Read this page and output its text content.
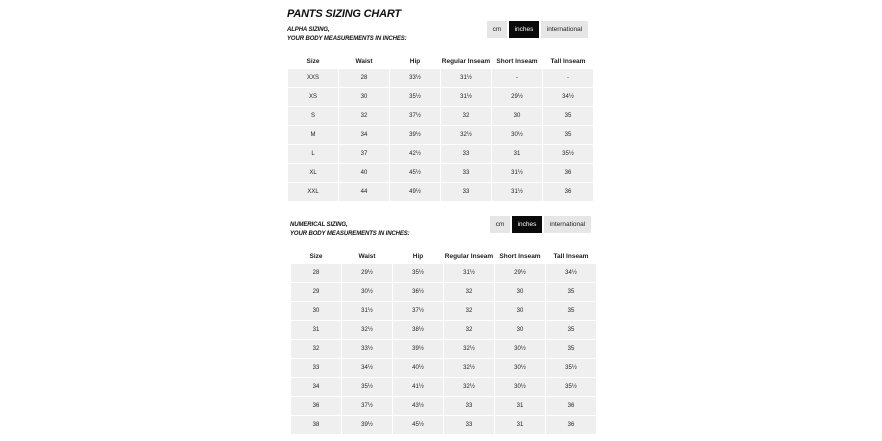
PANTS SIZING CHART
ALPHA SIZING,
YOUR BODY MEASUREMENTS IN INCHES:
cm	inches	international
Size	Waist	Hip	Regular Inseam	Short Inseam	Tall Inseam
XXS	28	33½	31½	-	-
XS	30	35½	31½	29½	34½
S	32	37½	32	30	35
M	34	39½	32½	30½	35
L	37	42½	33	31	35½
XL	40	45½	33	31½	36
XXL	44	49½	33	31½	36
NUMERICAL SIZING,
YOUR BODY MEASUREMENTS IN INCHES:
cm	inches	international
Size	Waist	Hip	Regular Inseam	Short Inseam	Tall Inseam
28	29½	35½	31½	29½	34½
29	30½	36½	32	30	35
30	31½	37½	32	30	35
31	32½	38½	32	30	35
32	33½	39½	32½	30½	35
33	34½	40½	32½	30½	35½
34	35½	41½	32½	30½	35½
36	37½	43½	33	31	36
38	39½	45½	33	31	36
